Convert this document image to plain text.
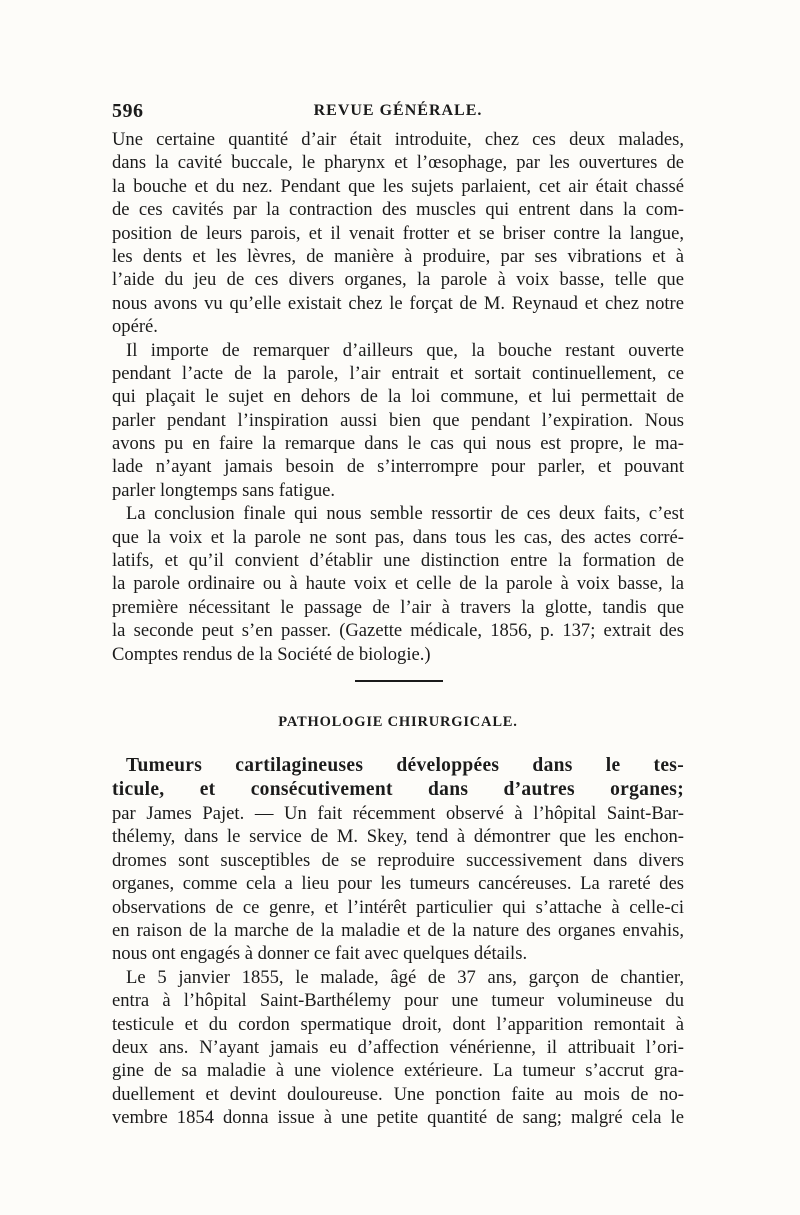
596	REVUE GÉNÉRALE.
Une certaine quantité d’air était introduite, chez ces deux malades,
dans la cavité buccale, le pharynx et l’œsophage, par les ouvertures de
la bouche et du nez. Pendant que les sujets parlaient, cet air était chassé
de ces cavités par la contraction des muscles qui entrent dans la com-
position de leurs parois, et il venait frotter et se briser contre la langue,
les dents et les lèvres, de manière à produire, par ses vibrations et à
l’aide du jeu de ces divers organes, la parole à voix basse, telle que
nous avons vu qu’elle existait chez le forçat de M. Reynaud et chez notre
opéré.
Il importe de remarquer d’ailleurs que, la bouche restant ouverte
pendant l’acte de la parole, l’air entrait et sortait continuellement, ce
qui plaçait le sujet en dehors de la loi commune, et lui permettait de
parler pendant l’inspiration aussi bien que pendant l’expiration. Nous
avons pu en faire la remarque dans le cas qui nous est propre, le ma-
lade n’ayant jamais besoin de s’interrompre pour parler, et pouvant
parler longtemps sans fatigue.
La conclusion finale qui nous semble ressortir de ces deux faits, c’est
que la voix et la parole ne sont pas, dans tous les cas, des actes corré-
latifs, et qu’il convient d’établir une distinction entre la formation de
la parole ordinaire ou à haute voix et celle de la parole à voix basse, la
première nécessitant le passage de l’air à travers la glotte, tandis que
la seconde peut s’en passer. (Gazette médicale, 1856, p. 137; extrait des
Comptes rendus de la Société de biologie.)
PATHOLOGIE CHIRURGICALE.
Tumeurs cartilagineuses développées dans le tes-
ticule, et consécutivement dans d’autres organes;
par James Pajet. — Un fait récemment observé à l’hôpital Saint-Bar-
thélemy, dans le service de M. Skey, tend à démontrer que les enchon-
dromes sont susceptibles de se reproduire successivement dans divers
organes, comme cela a lieu pour les tumeurs cancéreuses. La rareté des
observations de ce genre, et l’intérêt particulier qui s’attache à celle-ci
en raison de la marche de la maladie et de la nature des organes envahis,
nous ont engagés à donner ce fait avec quelques détails.
Le 5 janvier 1855, le malade, âgé de 37 ans, garçon de chantier,
entra à l’hôpital Saint-Barthélemy pour une tumeur volumineuse du
testicule et du cordon spermatique droit, dont l’apparition remontait à
deux ans. N’ayant jamais eu d’affection vénérienne, il attribuait l’ori-
gine de sa maladie à une violence extérieure. La tumeur s’accrut gra-
duellement et devint douloureuse. Une ponction faite au mois de no-
vembre 1854 donna issue à une petite quantité de sang; malgré cela le
